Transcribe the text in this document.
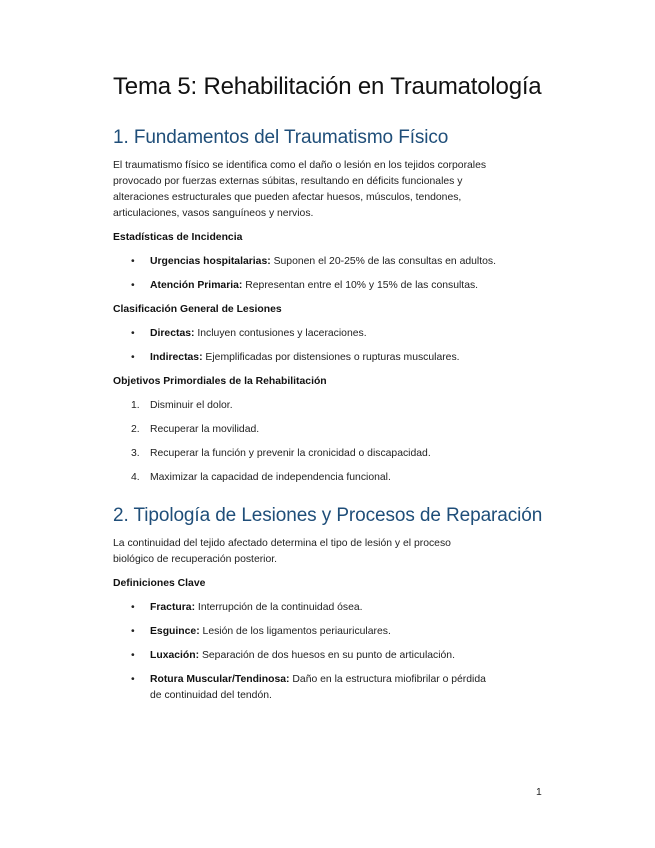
Tema 5: Rehabilitación en Traumatología
1. Fundamentos del Traumatismo Físico

El traumatismo físico se identifica como el daño o lesión en los tejidos corporales

provocado por fuerzas externas súbitas, resultando en déficits funcionales y

alteraciones estructurales que pueden afectar huesos, músculos, tendones,

articulaciones, vasos sanguíneos y nervios.

Estadísticas de Incidencia
• Urgencias hospitalarias: Suponen el 20-25% de las consultas en adultos.
• Atención Primaria: Representan entre el 10% y 15% de las consultas.
Clasificación General de Lesiones
• Directas: Incluyen contusiones y laceraciones.
• Indirectas: Ejemplificadas por distensiones o rupturas musculares.
Objetivos Primordiales de la Rehabilitación
1. Disminuir el dolor.
2. Recuperar la movilidad.
3. Recuperar la función y prevenir la cronicidad o discapacidad.
4. Maximizar la capacidad de independencia funcional.
2. Tipología de Lesiones y Procesos de Reparación

La continuidad del tejido afectado determina el tipo de lesión y el proceso

biológico de recuperación posterior.

Definiciones Clave
• Fractura: Interrupción de la continuidad ósea.
• Esguince: Lesión de los ligamentos periauriculares.
• Luxación: Separación de dos huesos en su punto de articulación.
• Rotura Muscular/Tendinosa: Daño en la estructura miofibrilar o pérdida
de continuidad del tendón.
1
